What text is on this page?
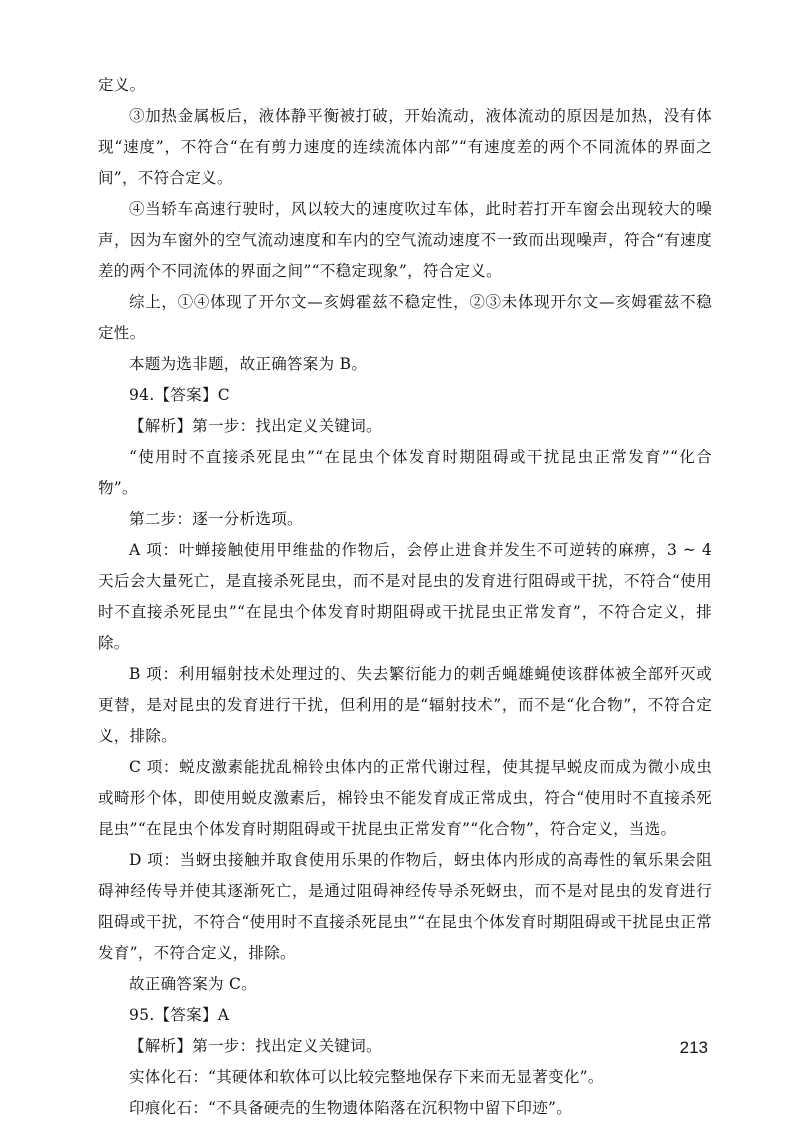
定义。

③加热金属板后，液体静平衡被打破，开始流动，液体流动的原因是加热，没有体现“速度”，不符合“在有剪力速度的连续流体内部”“有速度差的两个不同流体的界面之间”，不符合定义。

④当轿车高速行驶时，风以较大的速度吹过车体，此时若打开车窗会出现较大的噪声，因为车窗外的空气流动速度和车内的空气流动速度不一致而出现噪声，符合“有速度差的两个不同流体的界面之间”“不稳定现象”，符合定义。

综上，①④体现了开尔文—亥姆霍兹不稳定性，②③未体现开尔文—亥姆霍兹不稳定性。

本题为选非题，故正确答案为 B。

94.【答案】C

【解析】第一步：找出定义关键词。

“使用时不直接杀死昆虫”“在昆虫个体发育时期阻碍或干扰昆虫正常发育”“化合物”。

第二步：逐一分析选项。

A 项：叶蝉接触使用甲维盐的作物后，会停止进食并发生不可逆转的麻痹，3 ~ 4 天后会大量死亡，是直接杀死昆虫，而不是对昆虫的发育进行阻碍或干扰，不符合“使用时不直接杀死昆虫”“在昆虫个体发育时期阻碍或干扰昆虫正常发育”，不符合定义，排除。

B 项：利用辐射技术处理过的、失去繁衍能力的刺舌蝇雄蝇使该群体被全部歼灭或更替，是对昆虫的发育进行干扰，但利用的是“辐射技术”，而不是“化合物”，不符合定义，排除。

C 项：蜕皮激素能扰乱棉铃虫体内的正常代谢过程，使其提早蜕皮而成为微小成虫或畸形个体，即使用蜕皮激素后，棉铃虫不能发育成正常成虫，符合“使用时不直接杀死昆虫”“在昆虫个体发育时期阻碍或干扰昆虫正常发育”“化合物”，符合定义，当选。

D 项：当蚜虫接触并取食使用乐果的作物后，蚜虫体内形成的高毒性的氧乐果会阻碍神经传导并使其逐渐死亡，是通过阻碍神经传导杀死蚜虫，而不是对昆虫的发育进行阻碍或干扰，不符合“使用时不直接杀死昆虫”“在昆虫个体发育时期阻碍或干扰昆虫正常发育”，不符合定义，排除。

故正确答案为 C。

95.【答案】A

【解析】第一步：找出定义关键词。

实体化石：“其硬体和软体可以比较完整地保存下来而无显著变化”。

印痕化石：“不具备硬壳的生物遗体陷落在沉积物中留下印迹”。

213
